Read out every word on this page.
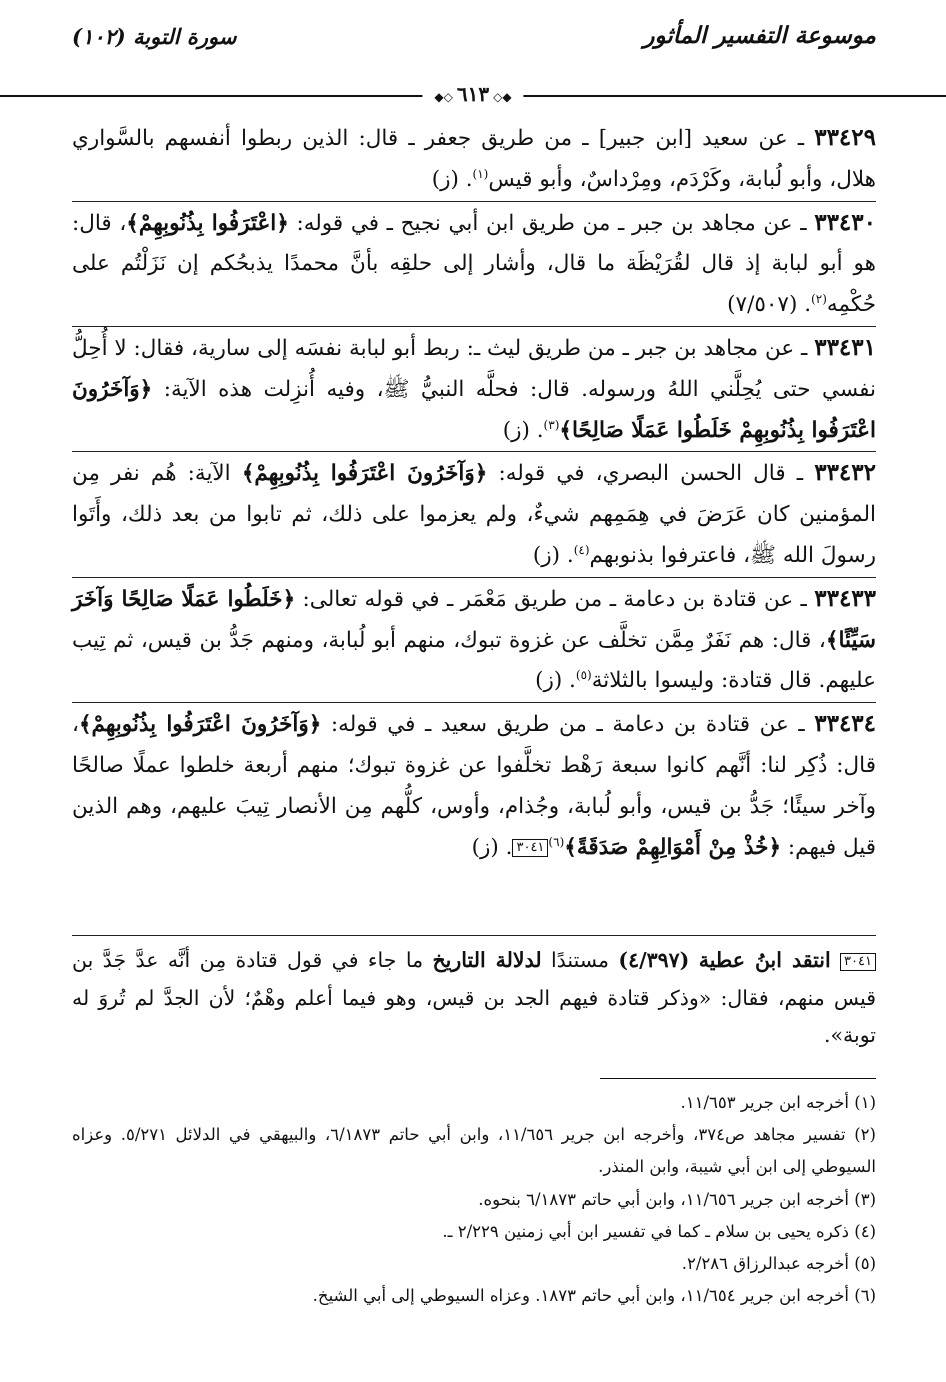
موسوعة التفسير المأثور
سورة التوبة (١٠٢)
◆◇٦١٣◇◆

٣٣٤٢٩ ـ عن سعيد [ابن جبير] ـ من طريق جعفر ـ قال: الذين ربطوا أنفسهم بالسَّواري هلال، وأبو لُبابة، وكَرْدَم، ومِرْداسٌ، وأبو قيس$^{(١)}$. (ز)

٣٣٤٣٠ ـ عن مجاهد بن جبر ـ من طريق ابن أبي نجيح ـ في قوله: ﴿اعْتَرَفُوا بِذُنُوبِهِمْ﴾، قال: هو أبو لبابة إذ قال لقُرَيْظَة ما قال، وأشار إلى حلقِه بأنَّ محمدًا يذبحُكم إن نَزَلْتُم على حُكْمِه$^{(٢)}$. (٧/٥٠٧)

٣٣٤٣١ ـ عن مجاهد بن جبر ـ من طريق ليث ـ: ربط أبو لبابة نفسَه إلى سارية، فقال: لا أُحِلُّ نفسي حتى يُحِلَّني اللهُ ورسوله. قال: فحلَّه النبيُّ ﷺ، وفيه أُنزِلت هذه الآية: ﴿وَآخَرُونَ اعْتَرَفُوا بِذُنُوبِهِمْ خَلَطُوا عَمَلًا صَالِحًا﴾$^{(٣)}$. (ز)

٣٣٤٣٢ ـ قال الحسن البصري، في قوله: ﴿وَآخَرُونَ اعْتَرَفُوا بِذُنُوبِهِمْ﴾ الآية: هُم نفر مِن المؤمنين كان عَرَضَ في هِمَمِهم شيءٌ، ولم يعزموا على ذلك، ثم تابوا من بعد ذلك، وأَتَوا رسولَ الله ﷺ، فاعترفوا بذنوبهم$^{(٤)}$. (ز)

٣٣٤٣٣ ـ عن قتادة بن دعامة ـ من طريق مَعْمَر ـ في قوله تعالى: ﴿خَلَطُوا عَمَلًا صَالِحًا وَآخَرَ سَيِّئًا﴾، قال: هم نَفَرٌ مِمَّن تخلَّف عن غزوة تبوك، منهم أبو لُبابة، ومنهم جَدُّ بن قيس، ثم تِيب عليهم. قال قتادة: وليسوا بالثلاثة$^{(٥)}$. (ز)

٣٣٤٣٤ ـ عن قتادة بن دعامة ـ من طريق سعيد ـ في قوله: ﴿وَآخَرُونَ اعْتَرَفُوا بِذُنُوبِهِمْ﴾، قال: ذُكِر لنا: أنَّهم كانوا سبعة رَهْط تخلَّفوا عن غزوة تبوك؛ منهم أربعة خلطوا عملًا صالحًا وآخر سيئًا؛ جَدُّ بن قيس، وأبو لُبابة، وجُذام، وأوس، كلُّهم مِن الأنصار تِيبَ عليهم، وهم الذين قيل فيهم: ﴿خُذْ مِنْ أَمْوَالِهِمْ صَدَقَةً﴾$^{(٦)}$٣٠٤١. (ز)

٣٠٤١ انتقد ابنُ عطية (٤/٣٩٧) مستندًا لدلالة التاريخ ما جاء في قول قتادة مِن أنَّه عدَّ جَدَّ بن قيس منهم، فقال: «وذكر قتادة فيهم الجد بن قيس، وهو فيما أعلم وهْمٌ؛ لأن الجدَّ لم تُروَ له توبة».

(١) أخرجه ابن جرير ١١/٦٥٣.

(٢) تفسير مجاهد ص٣٧٤، وأخرجه ابن جرير ١١/٦٥٦، وابن أبي حاتم ٦/١٨٧٣، والبيهقي في الدلائل ٥/٢٧١. وعزاه السيوطي إلى ابن أبي شيبة، وابن المنذر.

(٣) أخرجه ابن جرير ١١/٦٥٦، وابن أبي حاتم ٦/١٨٧٣ بنحوه.

(٤) ذكره يحيى بن سلام ـ كما في تفسير ابن أبي زمنين ٢/٢٢٩ ـ.

(٥) أخرجه عبدالرزاق ٢/٢٨٦.

(٦) أخرجه ابن جرير ١١/٦٥٤، وابن أبي حاتم ١٨٧٣. وعزاه السيوطي إلى أبي الشيخ.
